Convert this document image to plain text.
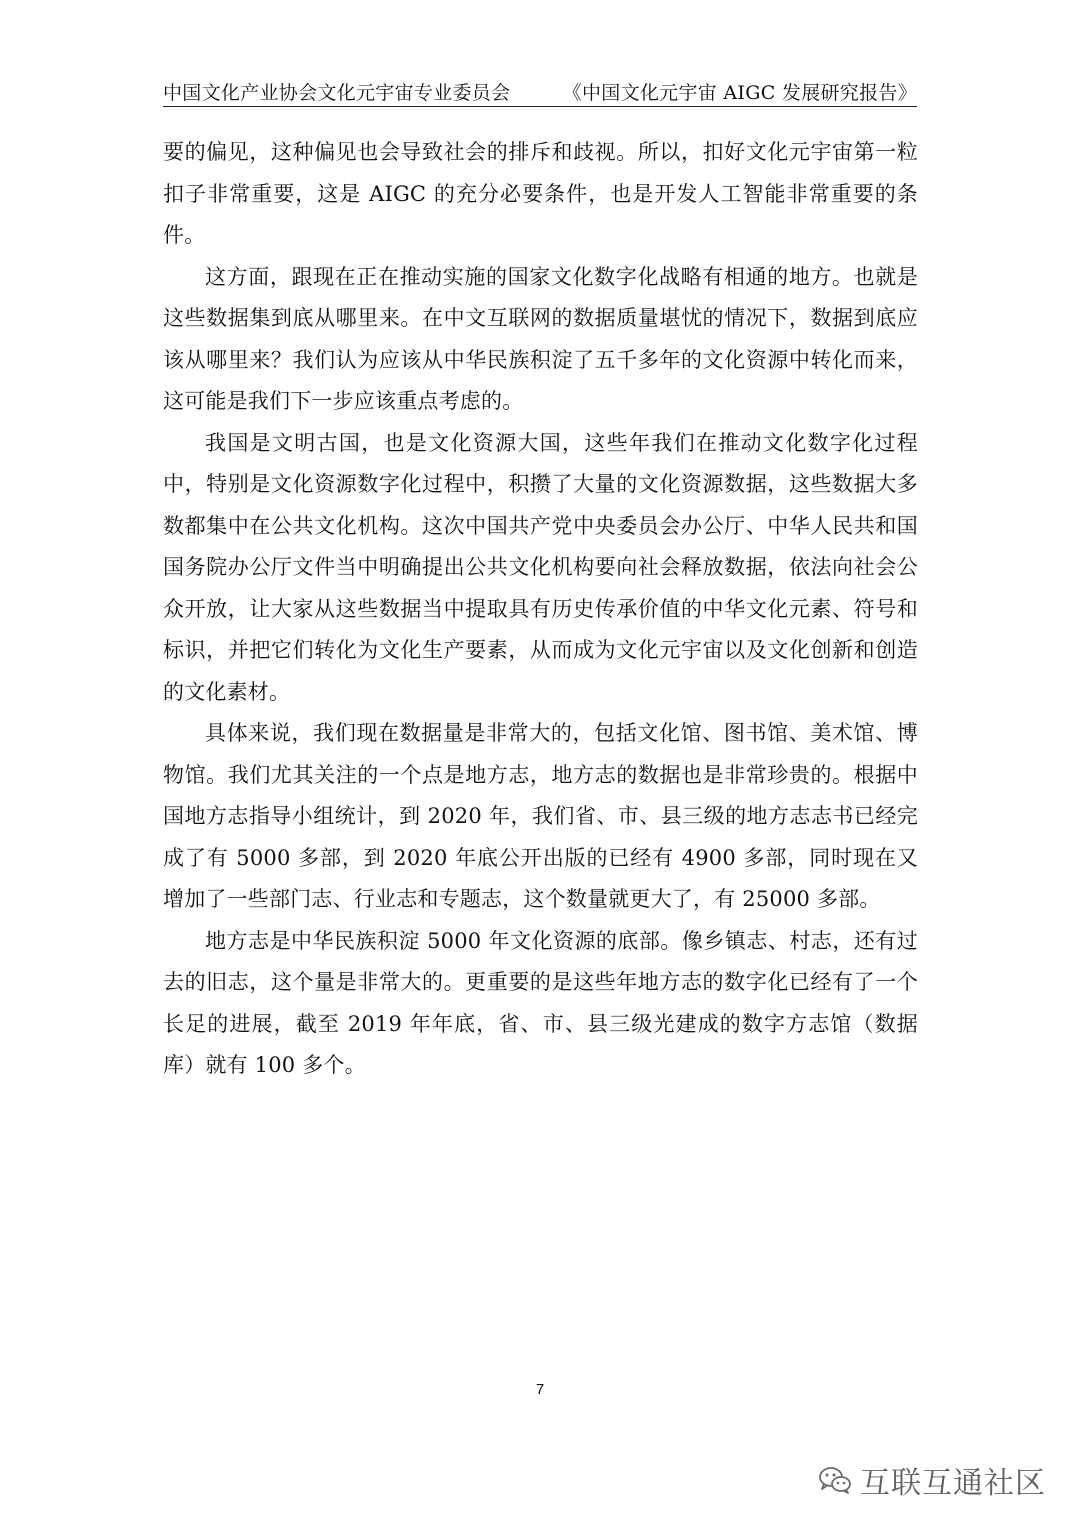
中国文化产业协会文化元宇宙专业委员会	《中国文化元宇宙 AIGC 发展研究报告》

要的偏见，这种偏见也会导致社会的排斥和歧视。所以，扣好文化元宇宙第一粒扣子非常重要，这是 AIGC 的充分必要条件，也是开发人工智能非常重要的条件。

这方面，跟现在正在推动实施的国家文化数字化战略有相通的地方。也就是这些数据集到底从哪里来。在中文互联网的数据质量堪忧的情况下，数据到底应该从哪里来？我们认为应该从中华民族积淀了五千多年的文化资源中转化而来，这可能是我们下一步应该重点考虑的。

我国是文明古国，也是文化资源大国，这些年我们在推动文化数字化过程中，特别是文化资源数字化过程中，积攒了大量的文化资源数据，这些数据大多数都集中在公共文化机构。这次中国共产党中央委员会办公厅、中华人民共和国国务院办公厅文件当中明确提出公共文化机构要向社会释放数据，依法向社会公众开放，让大家从这些数据当中提取具有历史传承价值的中华文化元素、符号和标识，并把它们转化为文化生产要素，从而成为文化元宇宙以及文化创新和创造的文化素材。

具体来说，我们现在数据量是非常大的，包括文化馆、图书馆、美术馆、博物馆。我们尤其关注的一个点是地方志，地方志的数据也是非常珍贵的。根据中国地方志指导小组统计，到 2020 年，我们省、市、县三级的地方志志书已经完成了有 5000 多部，到 2020 年底公开出版的已经有 4900 多部，同时现在又增加了一些部门志、行业志和专题志，这个数量就更大了，有 25000 多部。

地方志是中华民族积淀 5000 年文化资源的底部。像乡镇志、村志，还有过去的旧志，这个量是非常大的。更重要的是这些年地方志的数字化已经有了一个长足的进展，截至 2019 年年底，省、市、县三级光建成的数字方志馆（数据库）就有 100 多个。

7
互联互通社区
